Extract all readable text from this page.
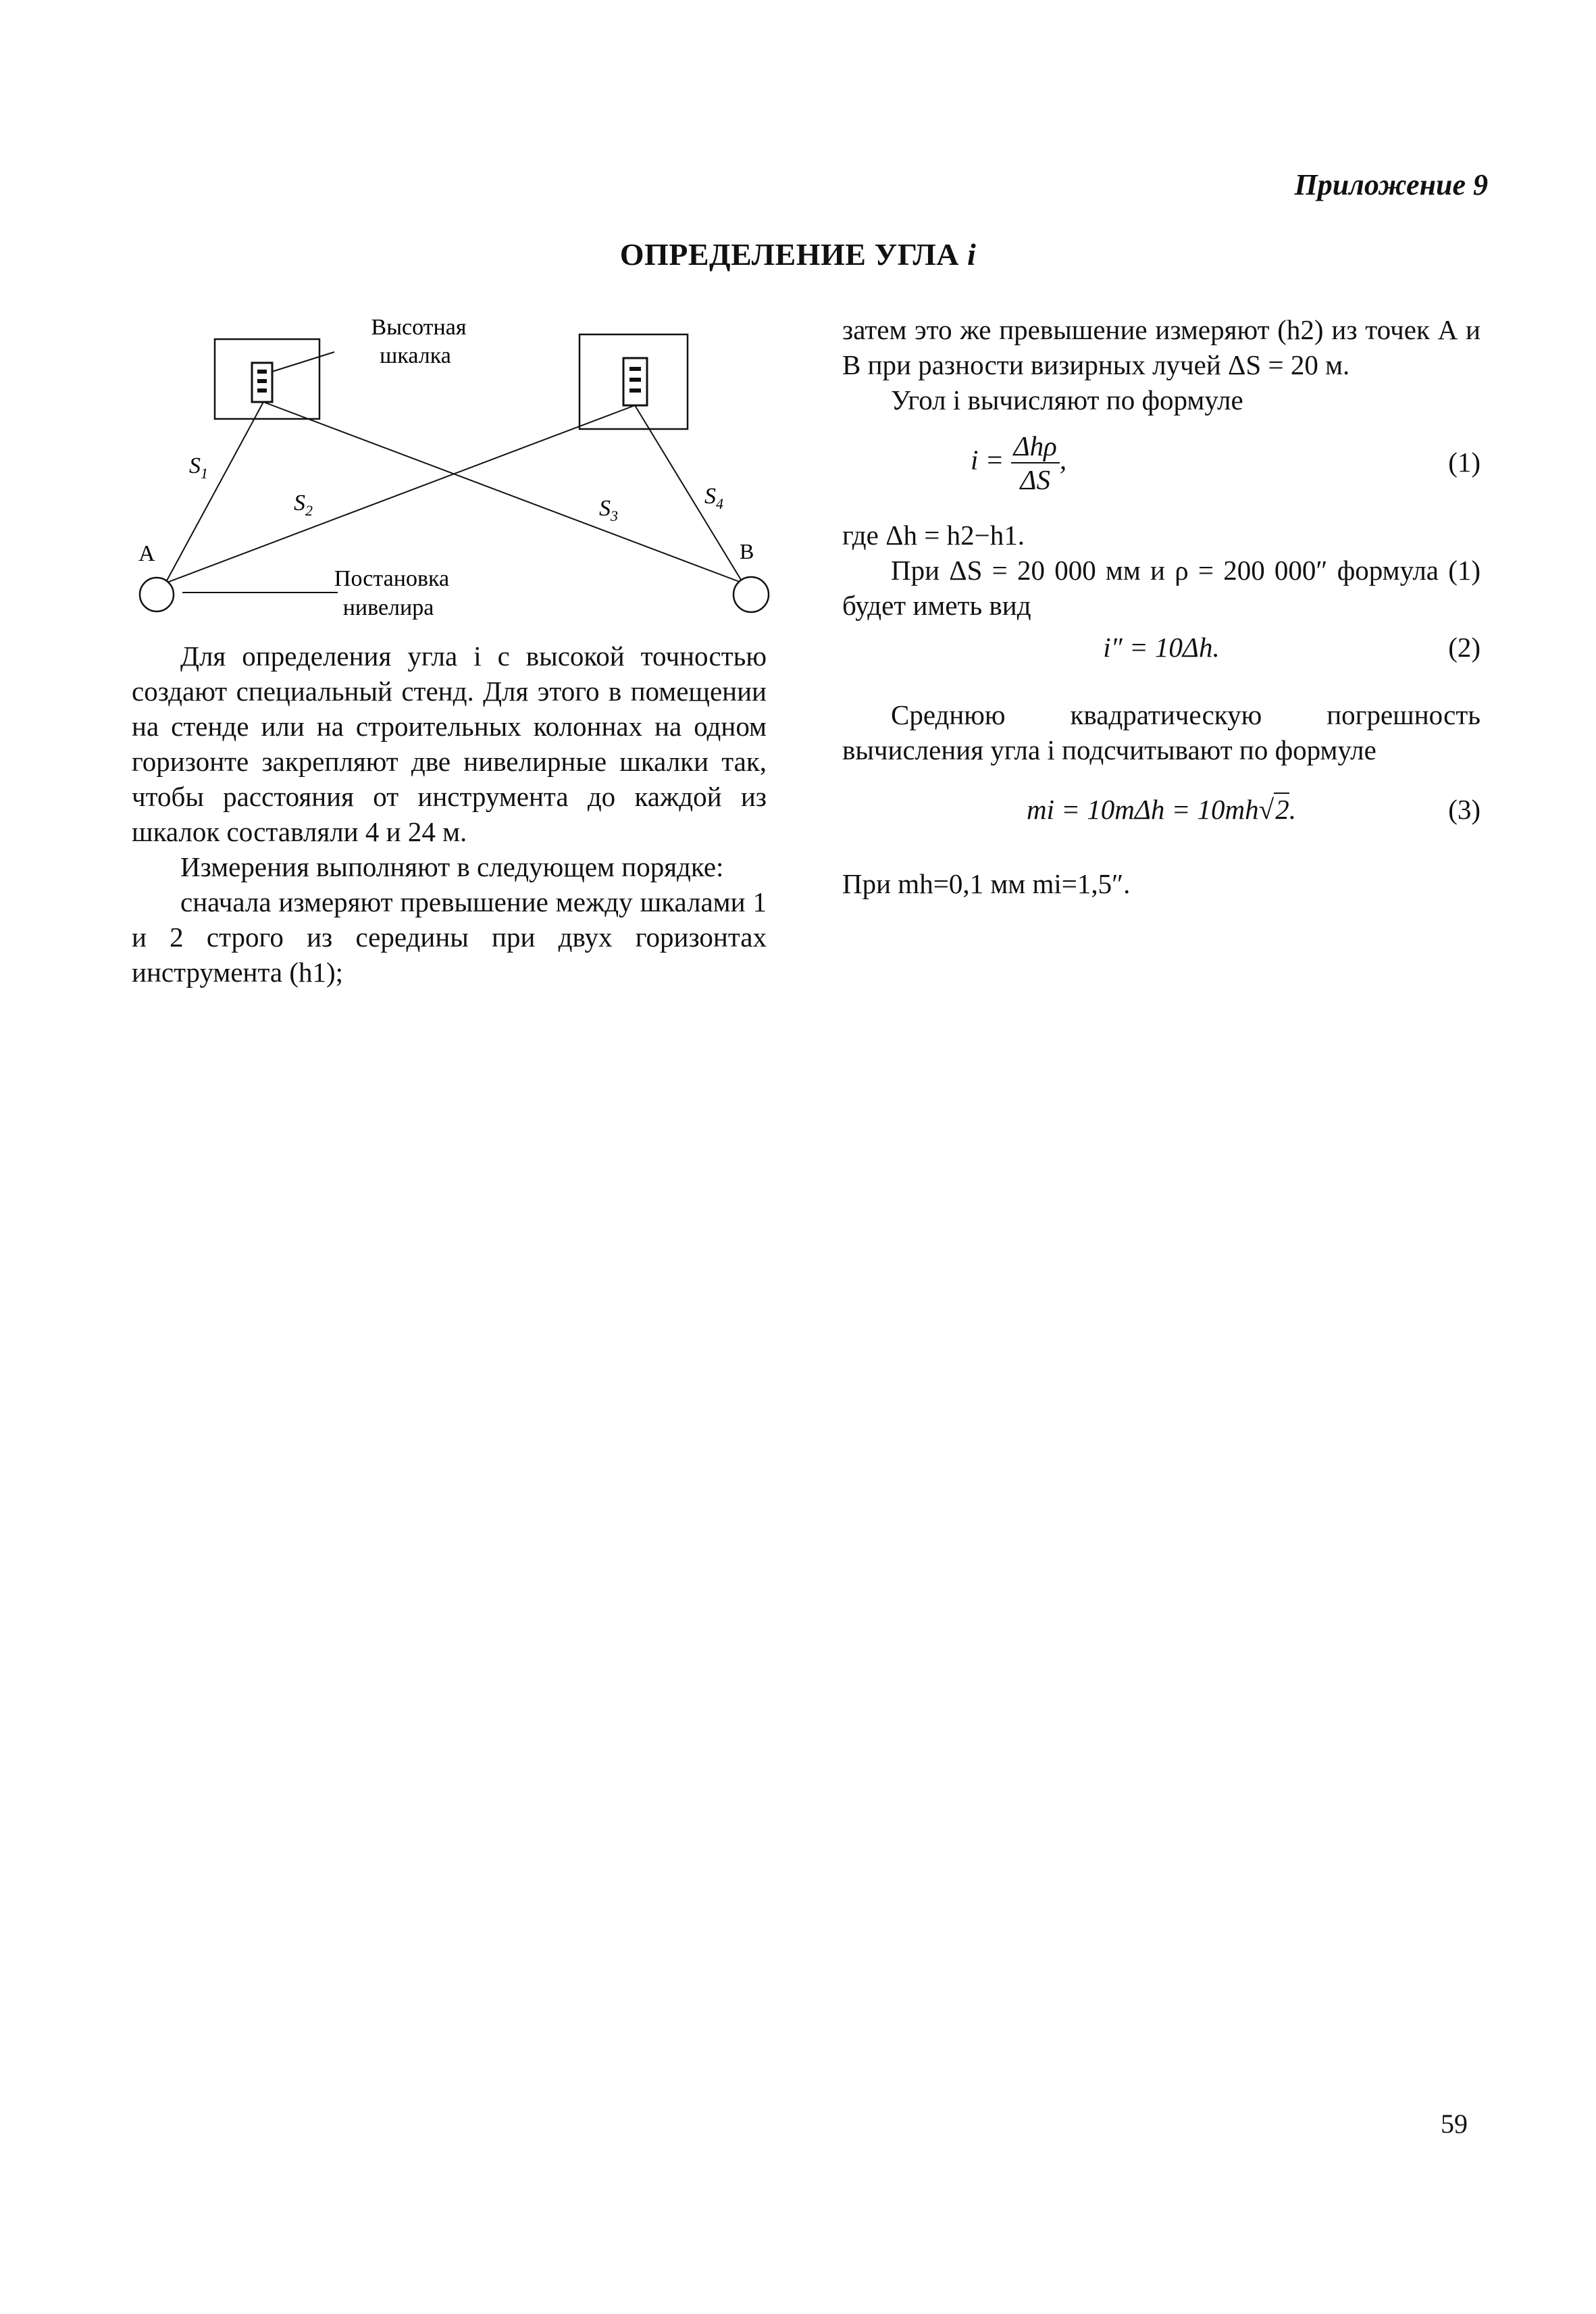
Приложение 9
ОПРЕДЕЛЕНИЕ УГЛА i
Высотная
шкалка
А	В
$S_1$
$S_2$	$S_3$
$S_4$
Постановка
нивелира

Для определения угла i с высокой точностью создают специальный стенд. Для этого в помещении на стенде или на строительных колоннах на одном горизонте закрепляют две нивелирные шкалки так, чтобы расстояния от инструмента до каждой из шкалок составляли 4 и 24 м.

Измерения выполняют в следующем порядке:

сначала измеряют превышение между шкалами 1 и 2 строго из середины при двух горизонтах инструмента (h1);

затем это же превышение измеряют (h2) из точек А и В при разности визирных лучей ΔS = 20 м.

Угол i вычисляют по формуле

$i = \frac{\text{Δhρ}}{\Delta S}$ ,	(1)

где Δh = h2−h1.

При ΔS = 20 000 мм и ρ = 200 000″ формула (1) будет иметь вид

i″ = 10Δh.	(2)

Среднюю квадратическую погрешность вычисления угла i подсчитывают по формуле

mi = 10mΔh = 10mh√2.	(3)

При mh=0,1 мм mi=1,5″.

59
